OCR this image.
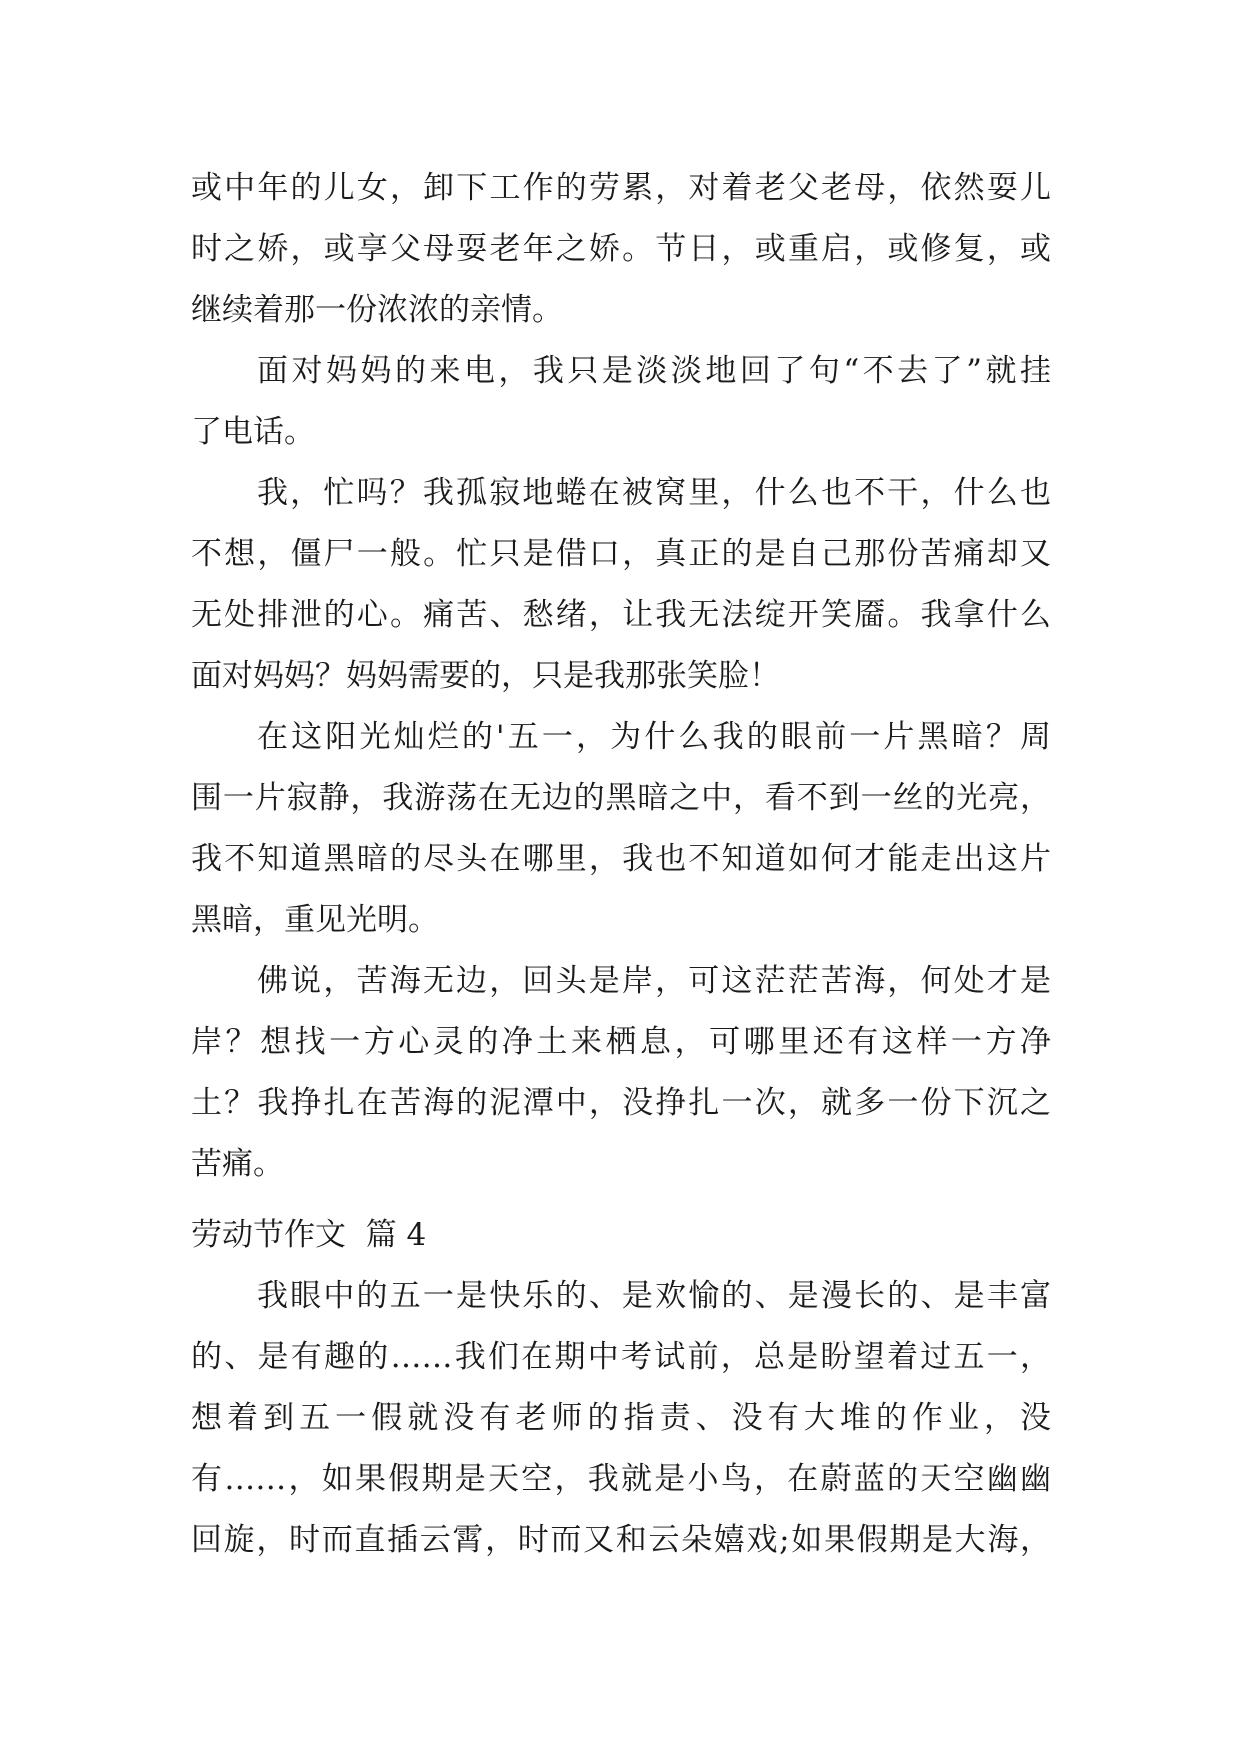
或中年的儿女，卸下工作的劳累，对着老父老母，依然耍儿
时之娇，或享父母耍老年之娇。节日，或重启，或修复，或
继续着那一份浓浓的亲情。
面对妈妈的来电，我只是淡淡地回了句“不去了”就挂
了电话。
我，忙吗？我孤寂地蜷在被窝里，什么也不干，什么也
不想，僵尸一般。忙只是借口，真正的是自己那份苦痛却又
无处排泄的心。痛苦、愁绪，让我无法绽开笑靥。我拿什么
面对妈妈？妈妈需要的，只是我那张笑脸！
在这阳光灿烂的'五一，为什么我的眼前一片黑暗？周
围一片寂静，我游荡在无边的黑暗之中，看不到一丝的光亮，
我不知道黑暗的尽头在哪里，我也不知道如何才能走出这片
黑暗，重见光明。
佛说，苦海无边，回头是岸，可这茫茫苦海，何处才是
岸？想找一方心灵的净土来栖息，可哪里还有这样一方净
土？我挣扎在苦海的泥潭中，没挣扎一次，就多一份下沉之
苦痛。
劳动节作文  篇 4
我眼中的五一是快乐的、是欢愉的、是漫长的、是丰富
的、是有趣的……我们在期中考试前，总是盼望着过五一，
想着到五一假就没有老师的指责、没有大堆的作业，没
有……，如果假期是天空，我就是小鸟，在蔚蓝的天空幽幽
回旋，时而直插云霄，时而又和云朵嬉戏;如果假期是大海，
